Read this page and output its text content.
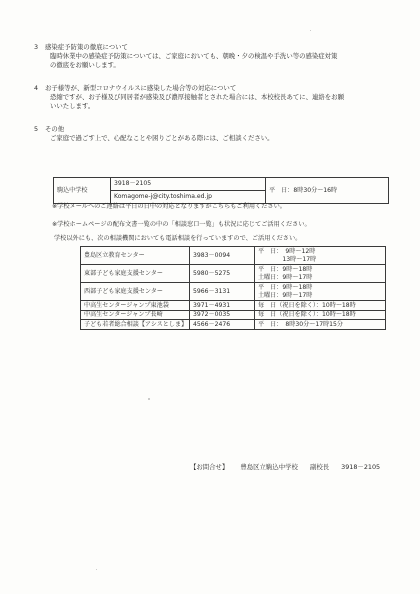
3 感染症予防策の徹底について
臨時休業中の感染症予防策については、ご家庭においても、朝晩・夕の検温や手洗い等の感染症対策
の徹底をお願いします。
4 お子様等が、新型コロナウイルスに感染した場合等の対応について
恐縮ですが、お子様及び同居者が感染及び濃厚接触者とされた場合には、本校校長あてに、連絡をお願
いいたします。
5 その他
ご家庭で過ごす上で、心配なことや困りごとがある際には、ご相談ください。
駒込中学校	3918－2105	平　日：8時30分～16時
Komagome-j@city.toshima.ed.jp
※学校メールへのご連絡は平日の日中の対応となりますがこちらもご利用ください。
※学校ホームページの配布文書一覧の中の「相談窓口一覧」も状況に応じてご活用ください。
学校以外にも、次の相談機関においても電話相談を行っていますので、ご活用ください。
豊島区立教育センター	3983－0094	平　日：　9時～12時
　　　　13時～17時

東部子ども家庭支援センター	5980－5275	平　日：9時～18時
土曜日：9時～17時

西部子ども家庭支援センター	5966－3131	平　日：9時～18時
土曜日：9時～17時

中高生センタージャンプ東池袋	3971－4931	毎　日（祝日を除く）：10時～18時
中高生センタージャンプ長崎	3972－0035	毎　日（祝日を除く）：10時～18時
子ども若者総合相談【アシスとしま】	4566－2476	平　日：　8時30分～17時15分
【お問合せ】 豊島区立駒込中学校 副校長 3918－2105
